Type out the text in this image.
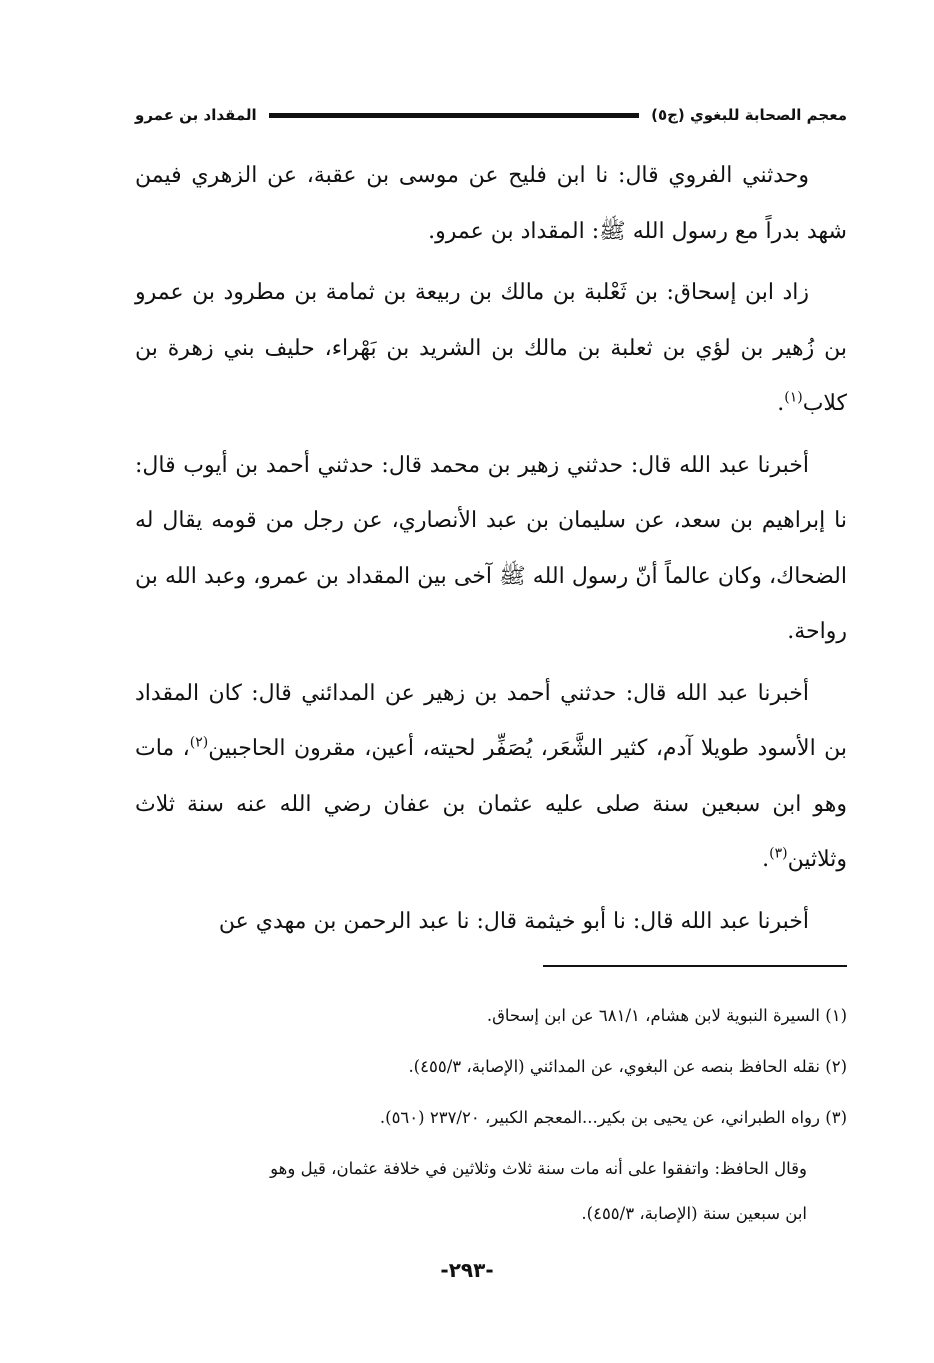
معجم الصحابة للبغوي (ج٥)
المقداد بن عمرو

وحدثني الفروي قال: نا ابن فليح عن موسى بن عقبة، عن الزهري فيمن شهد بدراً مع رسول الله ﷺ: المقداد بن عمرو.

زاد ابن إسحاق: بن ثَعْلبة بن مالك بن ربيعة بن ثمامة بن مطرود بن عمرو بن زُهير بن لؤي بن ثعلبة بن مالك بن الشريد بن بَهْراء، حليف بني زهرة بن كلاب$^{(١)}$.

أخبرنا عبد الله قال: حدثني زهير بن محمد قال: حدثني أحمد بن أيوب قال: نا إبراهيم بن سعد، عن سليمان بن عبد الأنصاري، عن رجل من قومه يقال له الضحاك، وكان عالماً أنّ رسول الله ﷺ آخى بين المقداد بن عمرو، وعبد الله بن رواحة.

أخبرنا عبد الله قال: حدثني أحمد بن زهير عن المدائني قال: كان المقداد بن الأسود طويلا آدم، كثير الشَّعَر، يُصَفِّر لحيته، أعين، مقرون الحاجبين$^{(٢)}$، مات وهو ابن سبعين سنة صلى عليه عثمان بن عفان رضي الله عنه سنة ثلاث وثلاثين$^{(٣)}$.

أخبرنا عبد الله قال: نا أبو خيثمة قال: نا عبد الرحمن بن مهدي عن

(١) السيرة النبوية لابن هشام، ٦٨١/١ عن ابن إسحاق.

(٢) نقله الحافظ بنصه عن البغوي، عن المدائني (الإصابة، ٤٥٥/٣).

(٣) رواه الطبراني، عن يحيى بن بكير...المعجم الكبير، ٢٣٧/٢٠ (٥٦٠).

وقال الحافظ: واتفقوا على أنه مات سنة ثلاث وثلاثين في خلافة عثمان، قيل وهو

ابن سبعين سنة (الإصابة، ٤٥٥/٣).

-٢٩٣-
